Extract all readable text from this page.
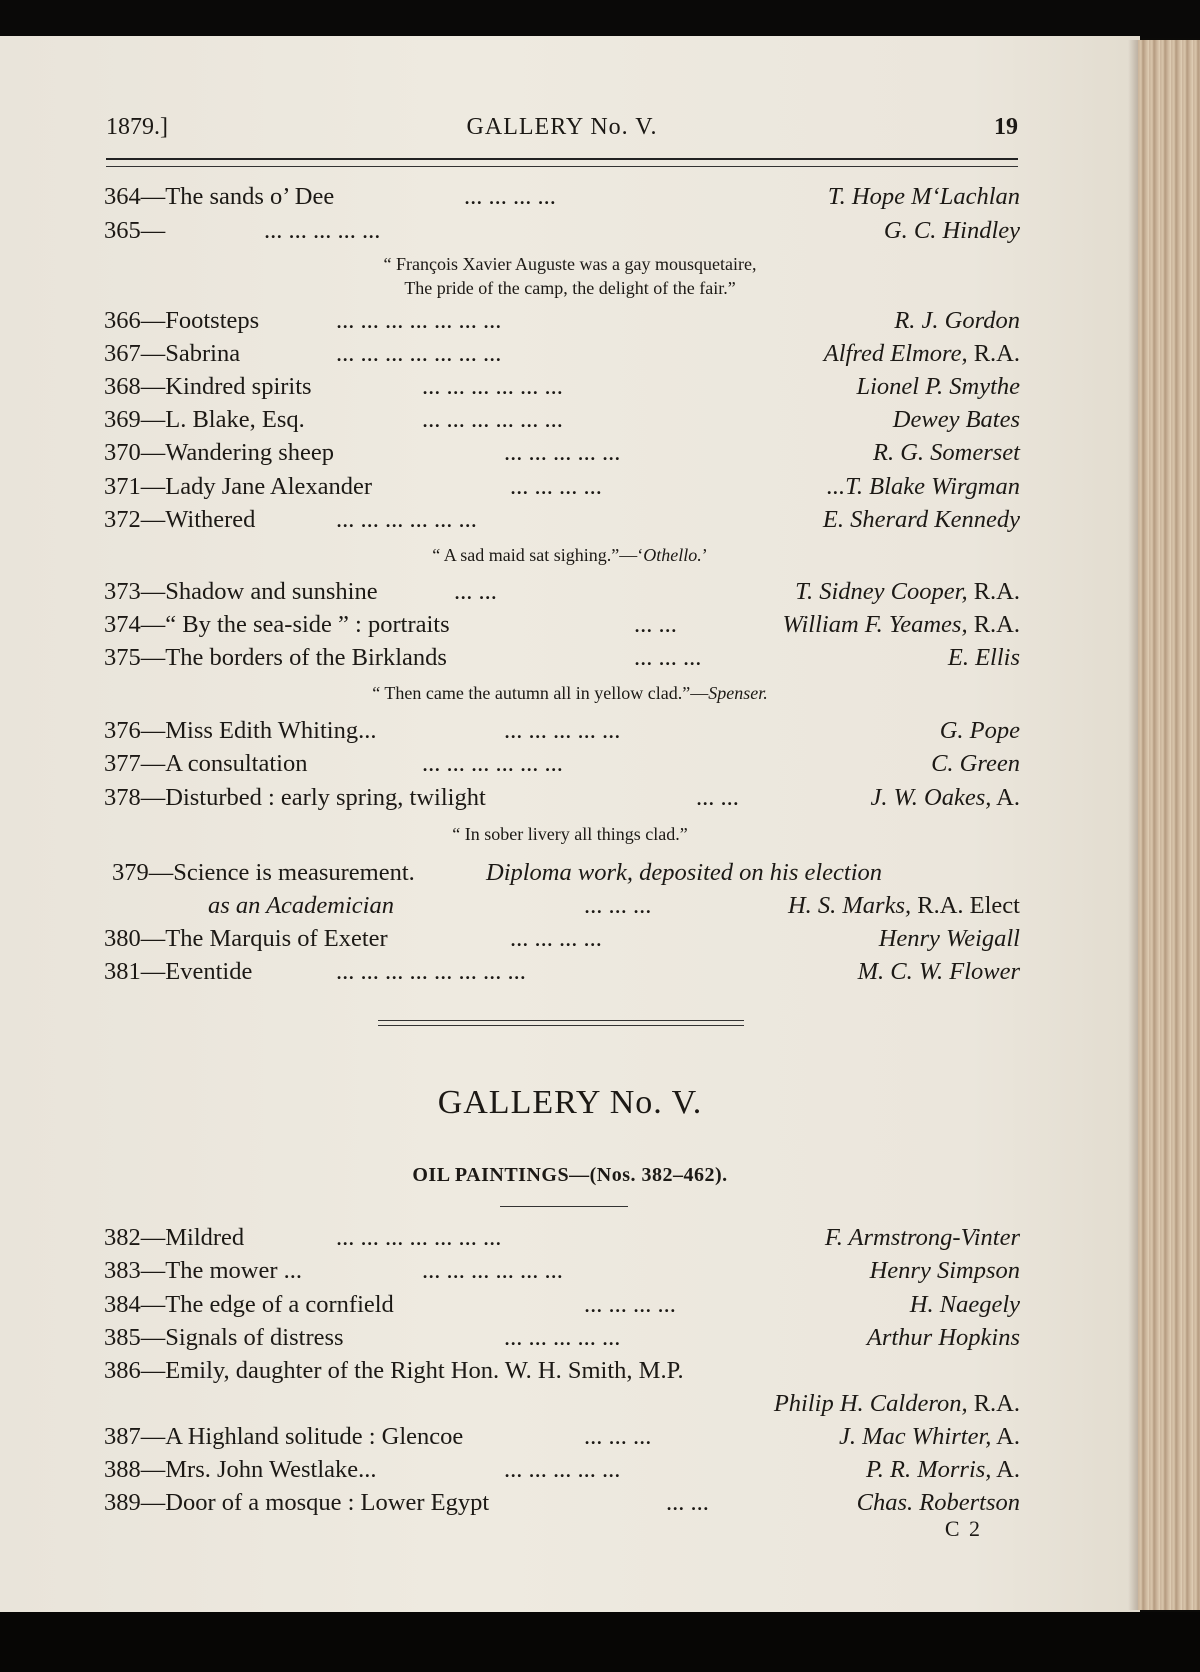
1879.]	GALLERY No. V.	19
364—The sands o’ Dee	... ... ... ...	T. Hope M‘Lachlan
365—	... ... ... ... ...	G. C. Hindley
“ François Xavier Auguste was a gay mousquetaire,
The pride of the camp, the delight of the fair.”
366—Footsteps	... ... ... ... ... ... ...	R. J. Gordon
367—Sabrina	... ... ... ... ... ... ...	Alfred Elmore, R.A.
368—Kindred spirits	... ... ... ... ... ...	Lionel P. Smythe
369—L. Blake, Esq.	... ... ... ... ... ...	Dewey Bates
370—Wandering sheep	... ... ... ... ...	R. G. Somerset
371—Lady Jane Alexander	... ... ... ...	...T. Blake Wirgman
372—Withered	... ... ... ... ... ...	E. Sherard Kennedy
“ A sad maid sat sighing.”—‘Othello.’
373—Shadow and sunshine	... ...	T. Sidney Cooper, R.A.
374—“ By the sea-side ” : portraits	... ...	William F. Yeames, R.A.
375—The borders of the Birklands	... ... ...	E. Ellis
“ Then came the autumn all in yellow clad.”—Spenser.
376—Miss Edith Whiting...	... ... ... ... ...	G. Pope
377—A consultation	... ... ... ... ... ...	C. Green
378—Disturbed : early spring, twilight	... ...	J. W. Oakes, A.
“ In sober livery all things clad.”
379—Science is measurement.	Diploma work, deposited on his election
as an Academician	... ... ...	H. S. Marks, R.A. Elect
380—The Marquis of Exeter	... ... ... ...	Henry Weigall
381—Eventide	... ... ... ... ... ... ... ...	M. C. W. Flower
GALLERY No. V.
OIL PAINTINGS—(Nos. 382–462).
382—Mildred	... ... ... ... ... ... ...	F. Armstrong-Vinter
383—The mower ...	... ... ... ... ... ...	Henry Simpson
384—The edge of a cornfield	... ... ... ...	H. Naegely
385—Signals of distress	... ... ... ... ...	Arthur Hopkins
386—Emily, daughter of the Right Hon. W. H. Smith, M.P.
Philip H. Calderon, R.A.
387—A Highland solitude : Glencoe	... ... ...	J. Mac Whirter, A.
388—Mrs. John Westlake...	... ... ... ... ...	P. R. Morris, A.
389—Door of a mosque : Lower Egypt	... ...	Chas. Robertson
C 2
